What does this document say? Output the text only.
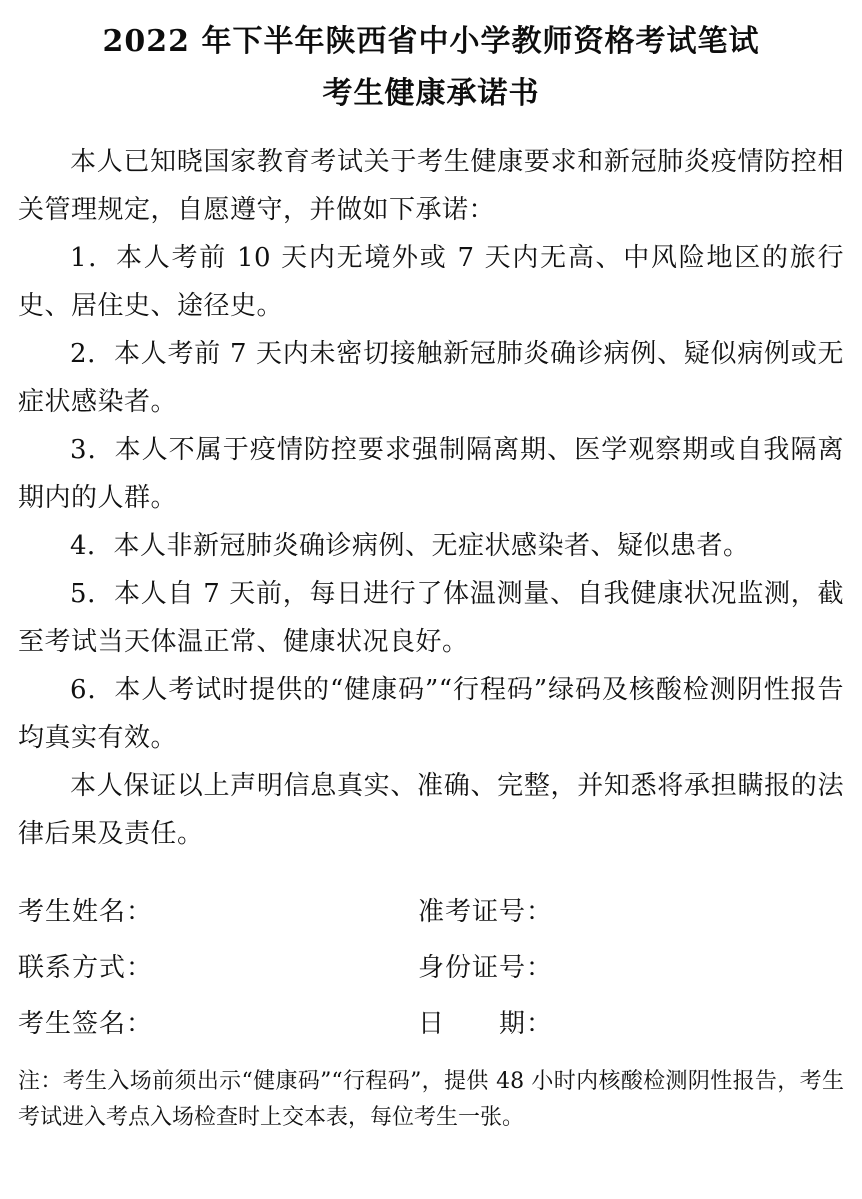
2022 年下半年陕西省中小学教师资格考试笔试
考生健康承诺书

本人已知晓国家教育考试关于考生健康要求和新冠肺炎疫情防控相关管理规定，自愿遵守，并做如下承诺：

1．本人考前 10 天内无境外或 7 天内无高、中风险地区的旅行史、居住史、途径史。

2．本人考前 7 天内未密切接触新冠肺炎确诊病例、疑似病例或无症状感染者。

3．本人不属于疫情防控要求强制隔离期、医学观察期或自我隔离期内的人群。

4．本人非新冠肺炎确诊病例、无症状感染者、疑似患者。

5．本人自 7 天前，每日进行了体温测量、自我健康状况监测，截至考试当天体温正常、健康状况良好。

6．本人考试时提供的“健康码”“行程码”绿码及核酸检测阴性报告均真实有效。

本人保证以上声明信息真实、准确、完整，并知悉将承担瞒报的法律后果及责任。

考生姓名：	准考证号：
联系方式：	身份证号：
考生签名：	日 期：

注：考生入场前须出示“健康码”“行程码”，提供 48 小时内核酸检测阴性报告，考生考试进入考点入场检查时上交本表，每位考生一张。
